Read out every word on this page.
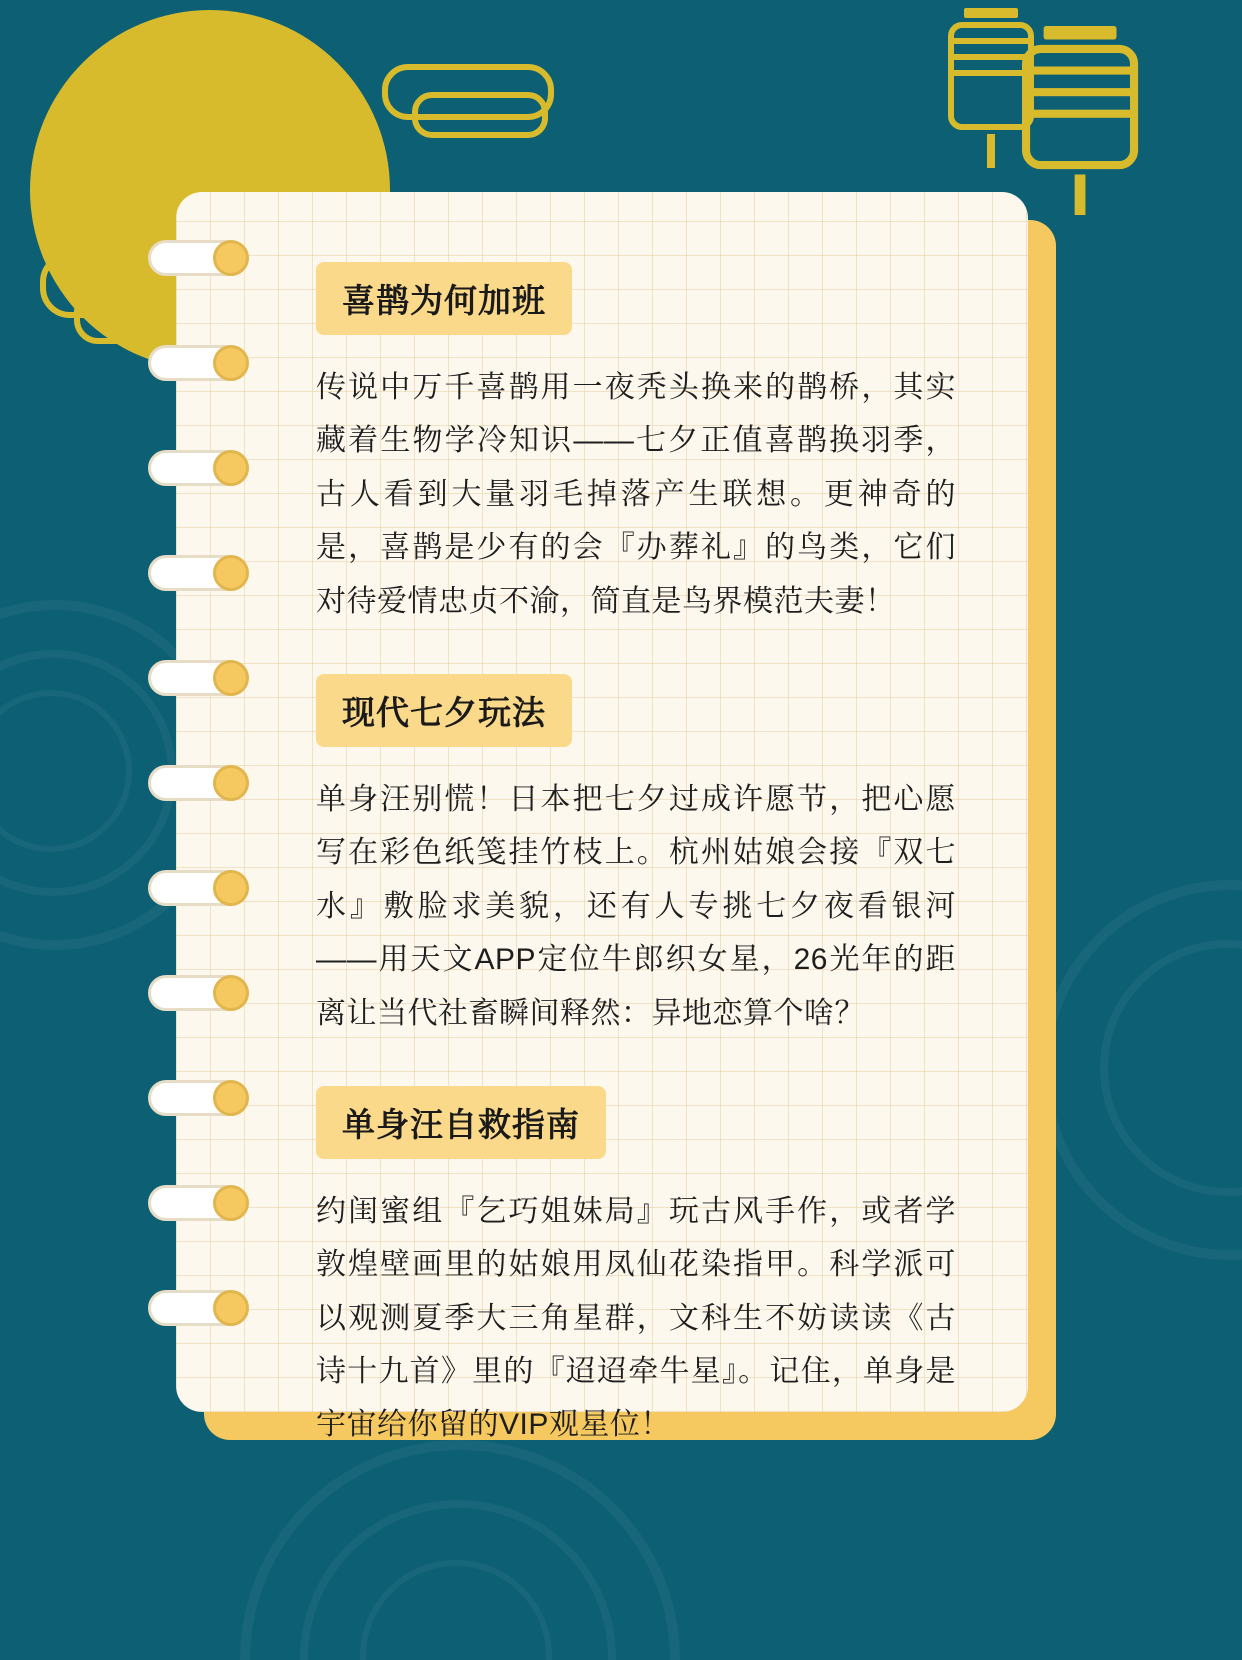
喜鹊为何加班

传说中万千喜鹊用一夜秃头换来的鹊桥，其实藏着生物学冷知识——七夕正值喜鹊换羽季，古人看到大量羽毛掉落产生联想。更神奇的是，喜鹊是少有的会『办葬礼』的鸟类，它们对待爱情忠贞不渝，简直是鸟界模范夫妻！

现代七夕玩法

单身汪别慌！日本把七夕过成许愿节，把心愿写在彩色纸笺挂竹枝上。杭州姑娘会接『双七水』敷脸求美貌，还有人专挑七夕夜看银河——用天文APP定位牛郎织女星，26光年的距离让当代社畜瞬间释然：异地恋算个啥？

单身汪自救指南

约闺蜜组『乞巧姐妹局』玩古风手作，或者学敦煌壁画里的姑娘用凤仙花染指甲。科学派可以观测夏季大三角星群，文科生不妨读读《古诗十九首》里的『迢迢牵牛星』。记住，单身是宇宙给你留的VIP观星位！
